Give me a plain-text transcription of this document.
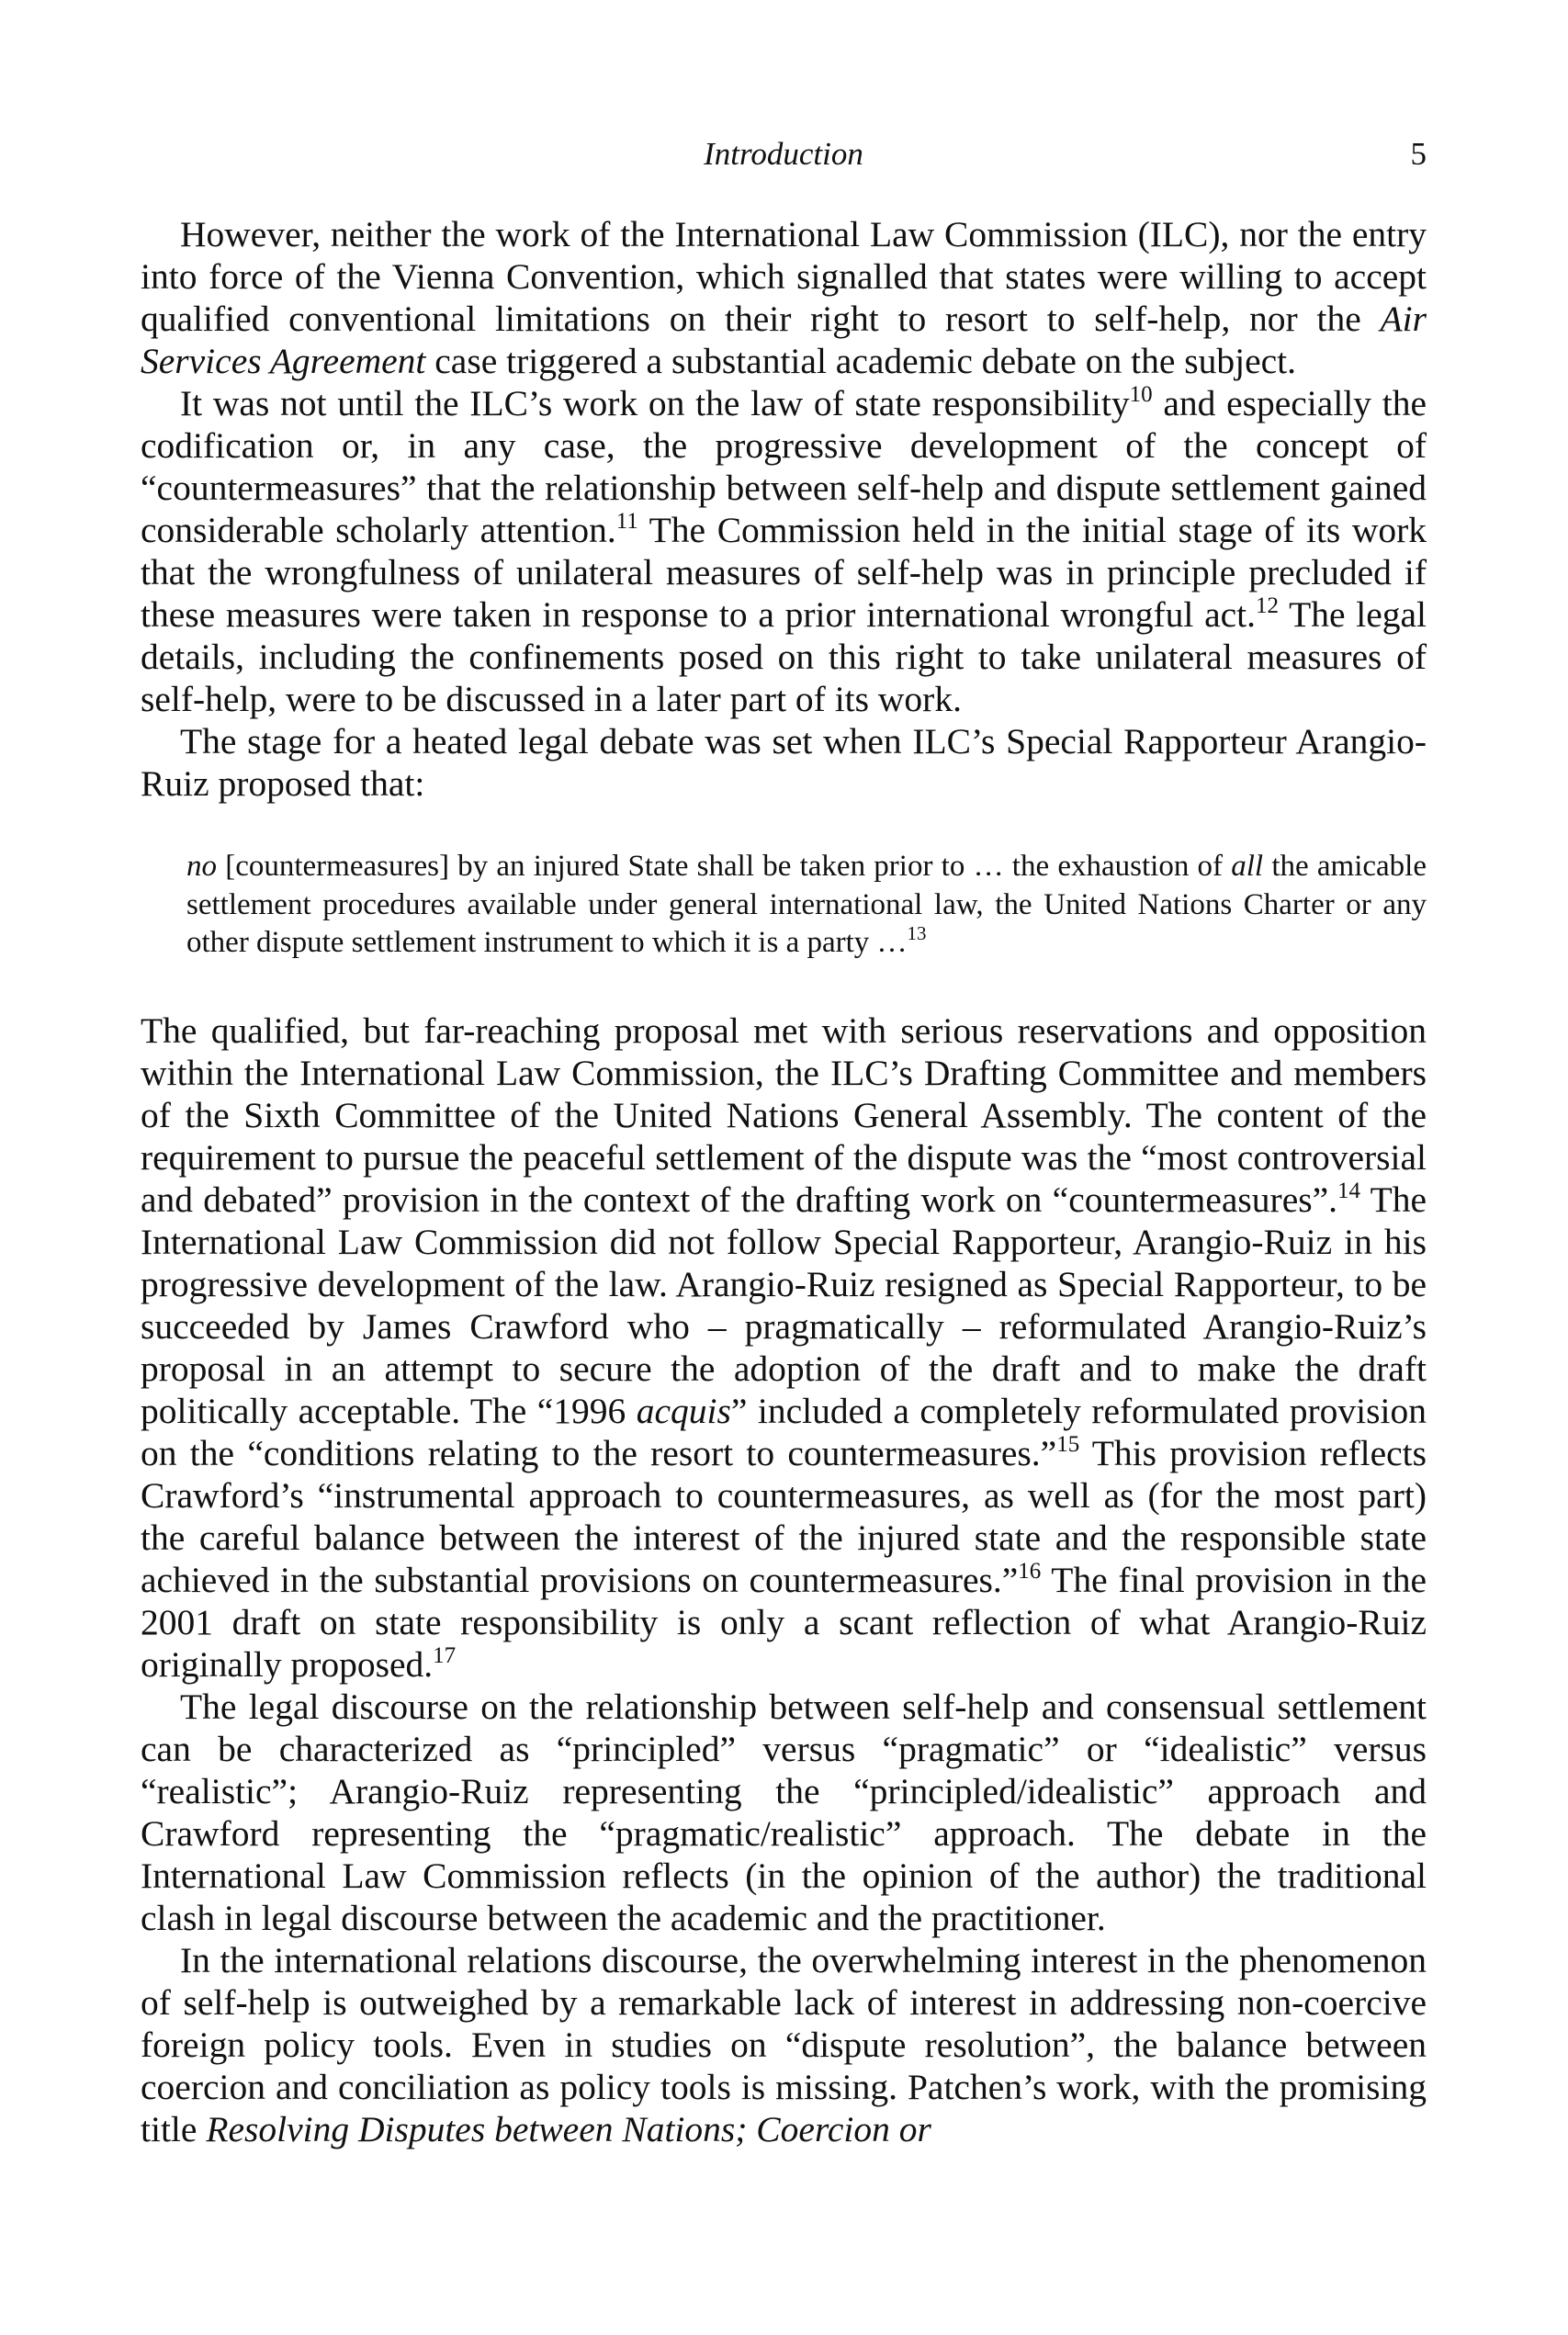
Introduction	5

However, neither the work of the International Law Commission (ILC), nor the entry into force of the Vienna Convention, which signalled that states were willing to accept qualified conventional limitations on their right to resort to self-help, nor the Air Services Agreement case triggered a substantial academic debate on the subject.

It was not until the ILC’s work on the law of state responsibility$^{10}$ and especially the codification or, in any case, the progressive development of the concept of “countermeasures” that the relationship between self-help and dispute settlement gained considerable scholarly attention.$^{11}$ The Commission held in the initial stage of its work that the wrongfulness of unilateral measures of self-help was in principle precluded if these measures were taken in response to a prior international wrongful act.$^{12}$ The legal details, including the confinements posed on this right to take unilateral measures of self-help, were to be discussed in a later part of its work.

The stage for a heated legal debate was set when ILC’s Special Rapporteur Arangio-Ruiz proposed that:

no [countermeasures] by an injured State shall be taken prior to … the exhaustion of all the amicable settlement procedures available under general international law, the United Nations Charter or any other dispute settlement instrument to which it is a party …$^{13}$

The qualified, but far-reaching proposal met with serious reservations and opposition within the International Law Commission, the ILC’s Drafting Committee and members of the Sixth Committee of the United Nations General Assembly. The content of the requirement to pursue the peaceful settlement of the dispute was the “most controversial and debated” provision in the context of the drafting work on “countermeasures”.$^{14}$ The International Law Commission did not follow Special Rapporteur, Arangio-Ruiz in his progressive development of the law. Arangio-Ruiz resigned as Special Rapporteur, to be succeeded by James Crawford who – pragmatically – reformulated Arangio-Ruiz’s proposal in an attempt to secure the adoption of the draft and to make the draft politically acceptable. The “1996 acquis” included a completely reformulated provision on the “conditions relating to the resort to countermeasures.”$^{15}$ This provision reflects Crawford’s “instrumental approach to countermeasures, as well as (for the most part) the careful balance between the interest of the injured state and the responsible state achieved in the substantial provisions on countermeasures.”$^{16}$ The final provision in the 2001 draft on state responsibility is only a scant reflection of what Arangio-Ruiz originally proposed.$^{17}$

The legal discourse on the relationship between self-help and consensual settlement can be characterized as “principled” versus “pragmatic” or “idealistic” versus “realistic”; Arangio-Ruiz representing the “principled/idealistic” approach and Crawford representing the “pragmatic/realistic” approach. The debate in the International Law Commission reflects (in the opinion of the author) the traditional clash in legal discourse between the academic and the practitioner.

In the international relations discourse, the overwhelming interest in the phenomenon of self-help is outweighed by a remarkable lack of interest in addressing non-coercive foreign policy tools. Even in studies on “dispute resolution”, the balance between coercion and conciliation as policy tools is missing. Patchen’s work, with the promising title Resolving Disputes between Nations; Coercion or
